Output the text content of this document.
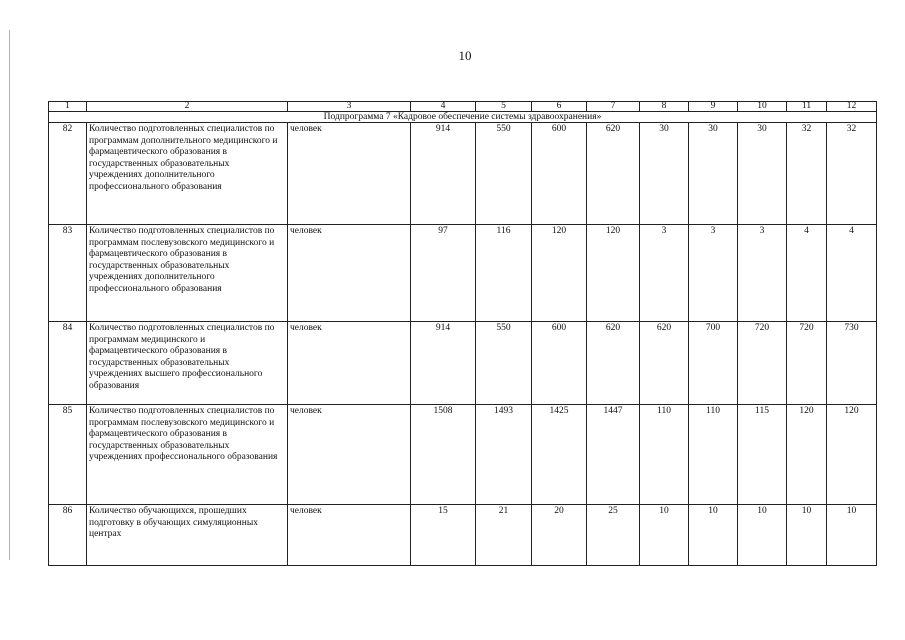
10
1	2	3	4	5	6	7	8	9	10	11	12
Подпрограмма 7 «Кадровое обеспечение системы здравоохранения»											
82	Количество подготовленных специалистов по программам дополнительного медицинского и фармацевтического образования в государственных образовательных учреждениях дополнительного профессионального образования	человек	914	550	600	620	30	30	30	32	32
83	Количество подготовленных специалистов по программам послевузовского медицинского и фармацевтического образования в государственных образовательных учреждениях дополнительного профессионального образования	человек	97	116	120	120	3	3	3	4	4
84	Количество подготовленных специалистов по программам медицинского и фармацевтического образования в государственных образовательных учреждениях высшего профессионального образования	человек	914	550	600	620	620	700	720	720	730
85	Количество подготовленных специалистов по программам послевузовского медицинского и фармацевтического образования в государственных образовательных учреждениях профессионального образования	человек	1508	1493	1425	1447	110	110	115	120	120
86	Количество обучающихся, прошедших подготовку в обучающих симуляционных центрах	человек	15	21	20	25	10	10	10	10	10
